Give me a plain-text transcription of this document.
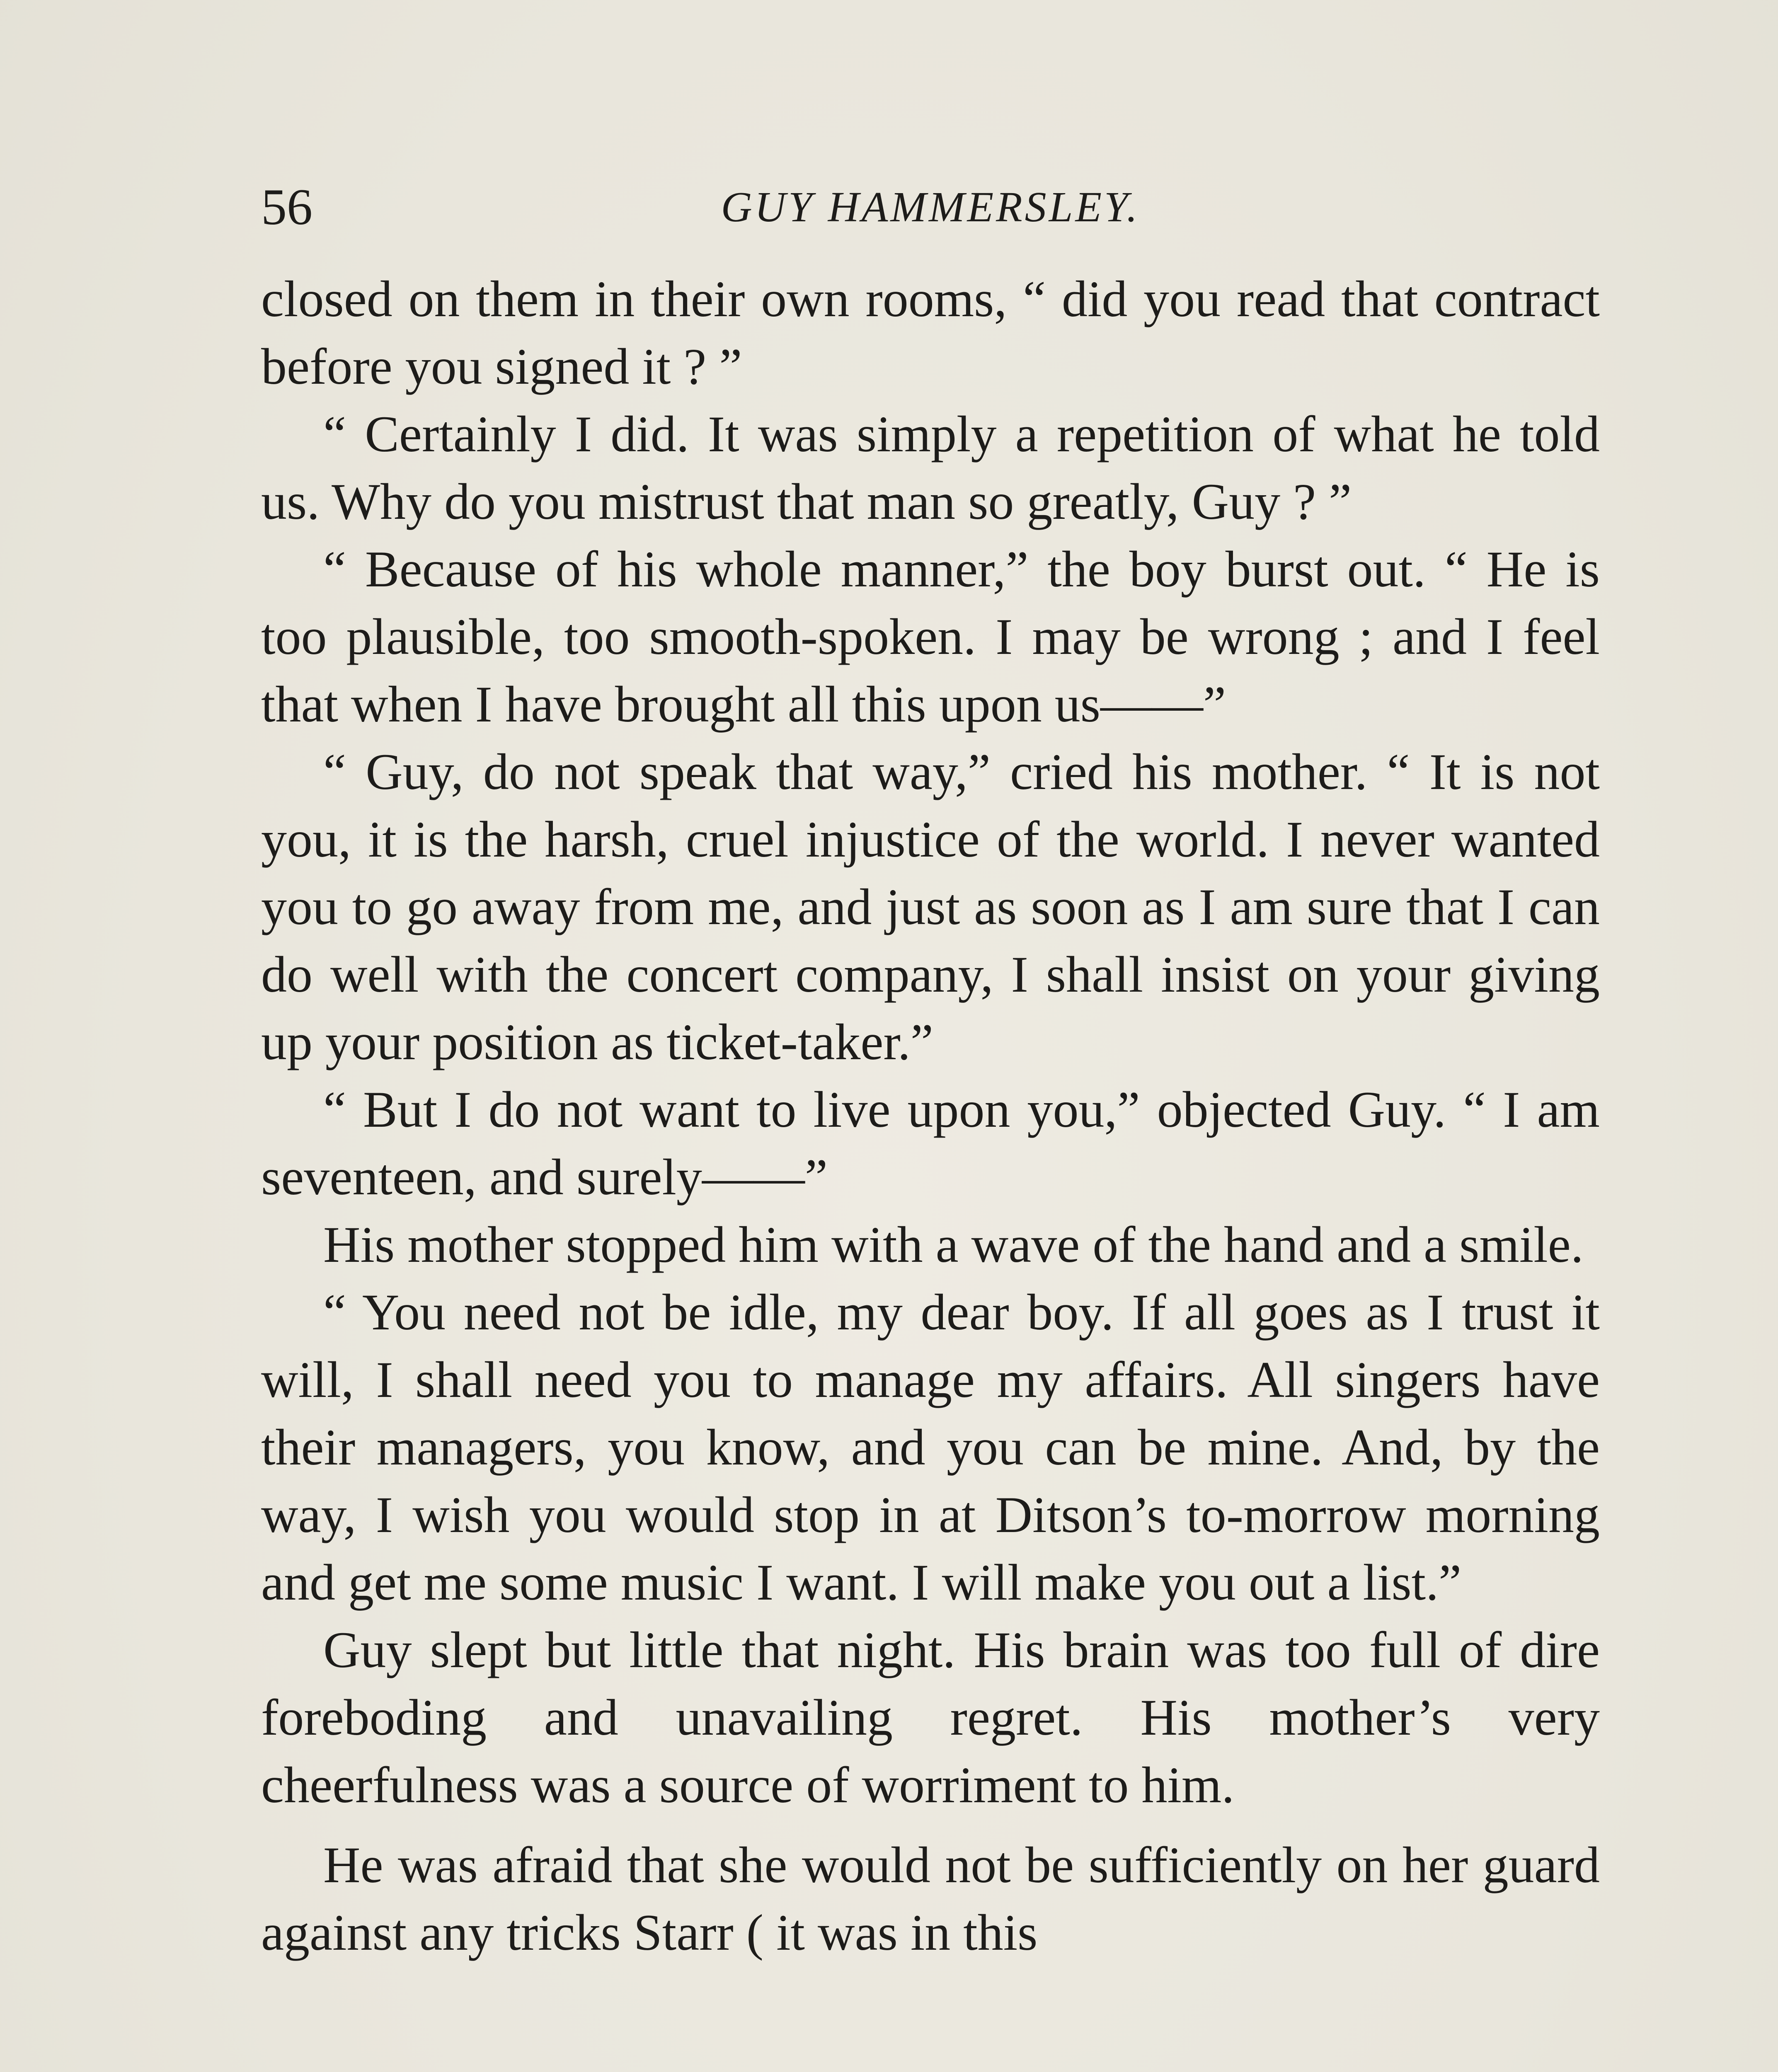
56	GUY HAMMERSLEY.

closed on them in their own rooms, “ did you read that contract before you signed it ? ”

“ Certainly I did. It was simply a repetition of what he told us. Why do you mistrust that man so greatly, Guy ? ”

“ Because of his whole manner,” the boy burst out. “ He is too plausible, too smooth-spoken. I may be wrong ; and I feel that when I have brought all this upon us——”

“ Guy, do not speak that way,” cried his mother. “ It is not you, it is the harsh, cruel injustice of the world. I never wanted you to go away from me, and just as soon as I am sure that I can do well with the concert company, I shall insist on your giving up your position as ticket-taker.”

“ But I do not want to live upon you,” objected Guy. “ I am seventeen, and surely——”

His mother stopped him with a wave of the hand and a smile.

“ You need not be idle, my dear boy. If all goes as I trust it will, I shall need you to manage my affairs. All singers have their managers, you know, and you can be mine. And, by the way, I wish you would stop in at Ditson’s to-morrow morning and get me some music I want. I will make you out a list.”

Guy slept but little that night. His brain was too full of dire foreboding and unavailing regret. His mother’s very cheerfulness was a source of worriment to him.

He was afraid that she would not be sufficiently on her guard against any tricks Starr ( it was in this
